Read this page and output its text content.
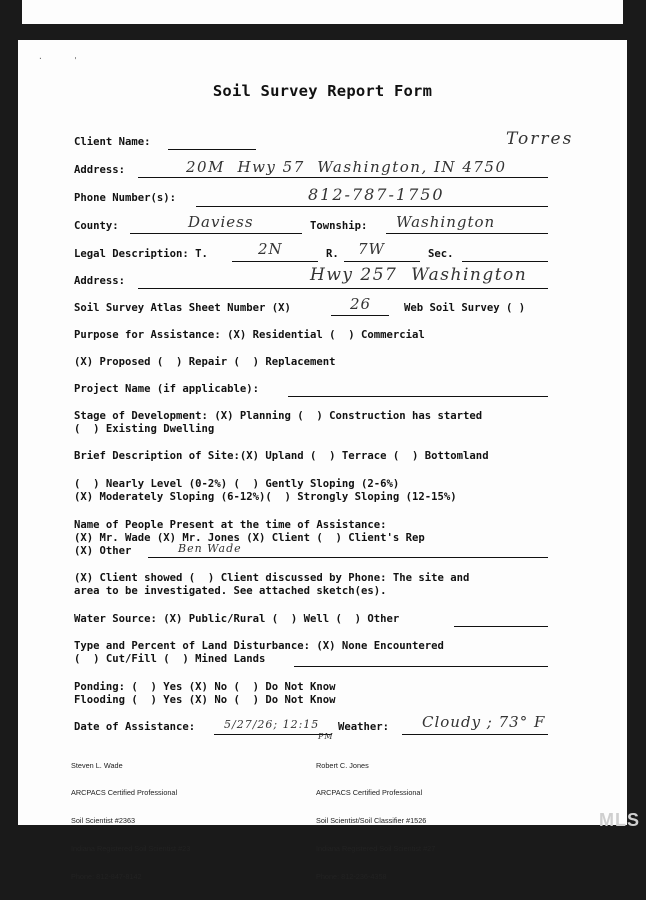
·	'
Soil Survey Report Form
Client Name:	Torres
Address:	20M  Hwy 57  Washington, IN 4750
Phone Number(s):	812-787-1750
County:	Daviess	Township: Washington
Legal Description: T.	2N	R. 7W	Sec.
Address:	Hwy 257  Washington
Soil Survey Atlas Sheet Number (X)	26	Web Soil Survey ( )
Purpose for Assistance: (X) Residential (  ) Commercial
(X) Proposed (  ) Repair (  ) Replacement
Project Name (if applicable):
Stage of Development: (X) Planning (  ) Construction has started
(  ) Existing Dwelling
Brief Description of Site:(X) Upland (  ) Terrace (  ) Bottomland
(  ) Nearly Level (0-2%) (  ) Gently Sloping (2-6%)
(X) Moderately Sloping (6-12%)(  ) Strongly Sloping (12-15%)
Name of People Present at the time of Assistance:
(X) Mr. Wade (X) Mr. Jones (X) Client (  ) Client's Rep
(X) Other	Ben Wade
(X) Client showed (  ) Client discussed by Phone: The site and
area to be investigated. See attached sketch(es).
Water Source: (X) Public/Rural (  ) Well (  ) Other
Type and Percent of Land Disturbance: (X) None Encountered
(  ) Cut/Fill (  ) Mined Lands
Ponding: (  ) Yes (X) No (  ) Do Not Know
Flooding (  ) Yes (X) No (  ) Do Not Know
Date of Assistance:	5/27/26; 12:15
PM
Weather: Cloudy ; 73° F

Steven L. Wade

ARCPACS Certified Professional

Soil Scientist #2363

Indiana Registered Soil Scientist #23

Phone: 812-847-8142

Robert C. Jones

ARCPACS Certified Professional

Soil Scientist/Soil Classifier #1526

Indiana Registered Soil Scientist #27

Phone: 812-236-4358

MLS
